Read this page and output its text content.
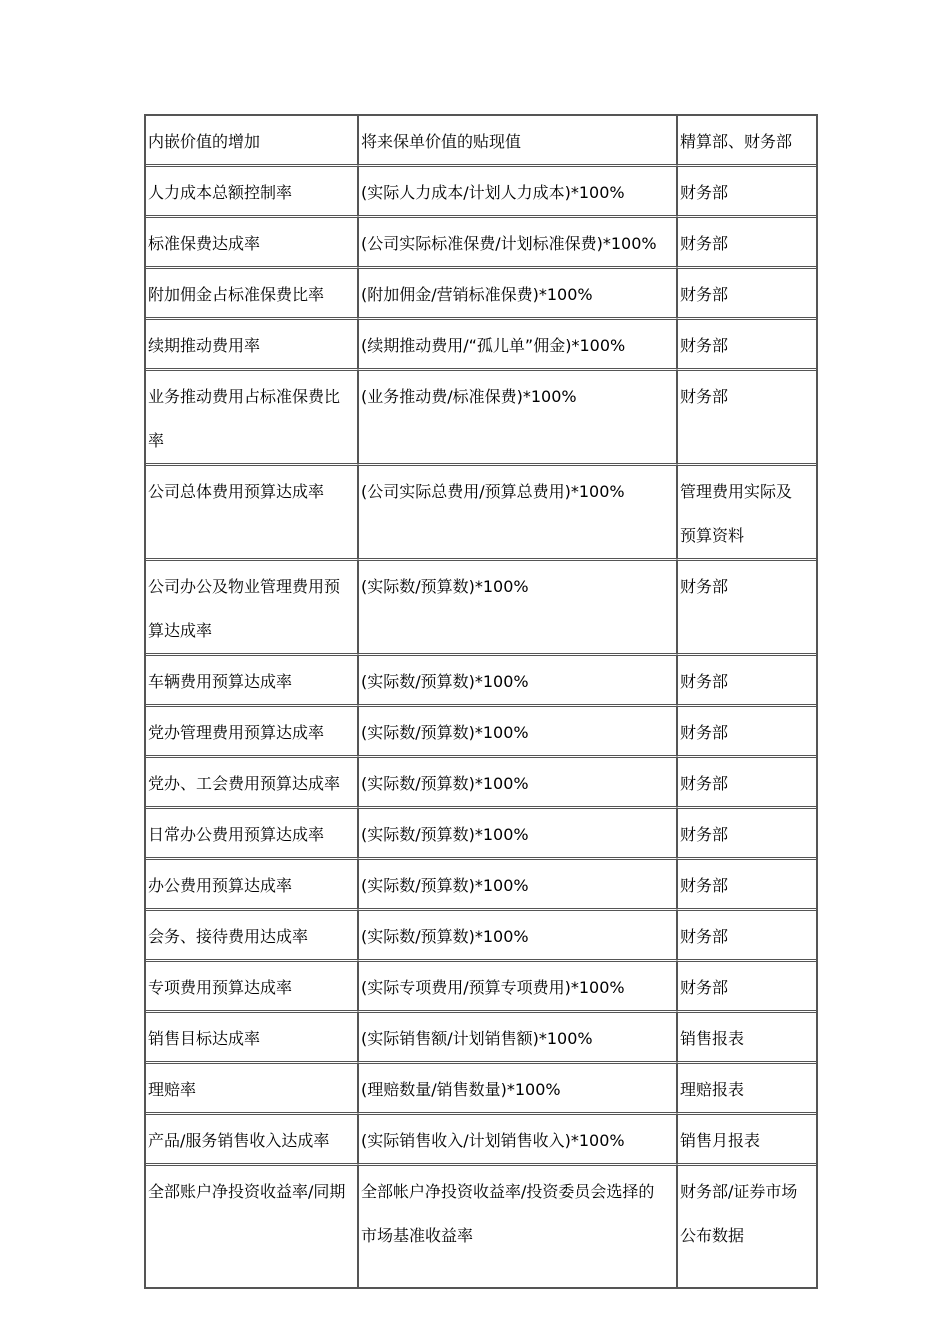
内嵌价值的增加	将来保单价值的贴现值	精算部、财务部

人力成本总额控制率	(实际人力成本/计划人力成本)*100%	财务部

标准保费达成率	(公司实际标准保费/计划标准保费)*100%	财务部

附加佣金占标准保费比率	(附加佣金/营销标准保费)*100%	财务部

续期推动费用率	(续期推动费用/“孤儿单”佣金)*100%	财务部

业务推动费用占标准保费比
率	(业务推动费/标准保费)*100%	财务部

公司总体费用预算达成率	(公司实际总费用/预算总费用)*100%	管理费用实际及
预算资料

公司办公及物业管理费用预
算达成率	(实际数/预算数)*100%	财务部

车辆费用预算达成率	(实际数/预算数)*100%	财务部

党办管理费用预算达成率	(实际数/预算数)*100%	财务部

党办、工会费用预算达成率	(实际数/预算数)*100%	财务部

日常办公费用预算达成率	(实际数/预算数)*100%	财务部

办公费用预算达成率	(实际数/预算数)*100%	财务部

会务、接待费用达成率	(实际数/预算数)*100%	财务部

专项费用预算达成率	(实际专项费用/预算专项费用)*100%	财务部

销售目标达成率	(实际销售额/计划销售额)*100%	销售报表

理赔率	(理赔数量/销售数量)*100%	理赔报表

产品/服务销售收入达成率	(实际销售收入/计划销售收入)*100%	销售月报表

全部账户净投资收益率/同期	全部帐户净投资收益率/投资委员会选择的
市场基准收益率	财务部/证券市场
公布数据
